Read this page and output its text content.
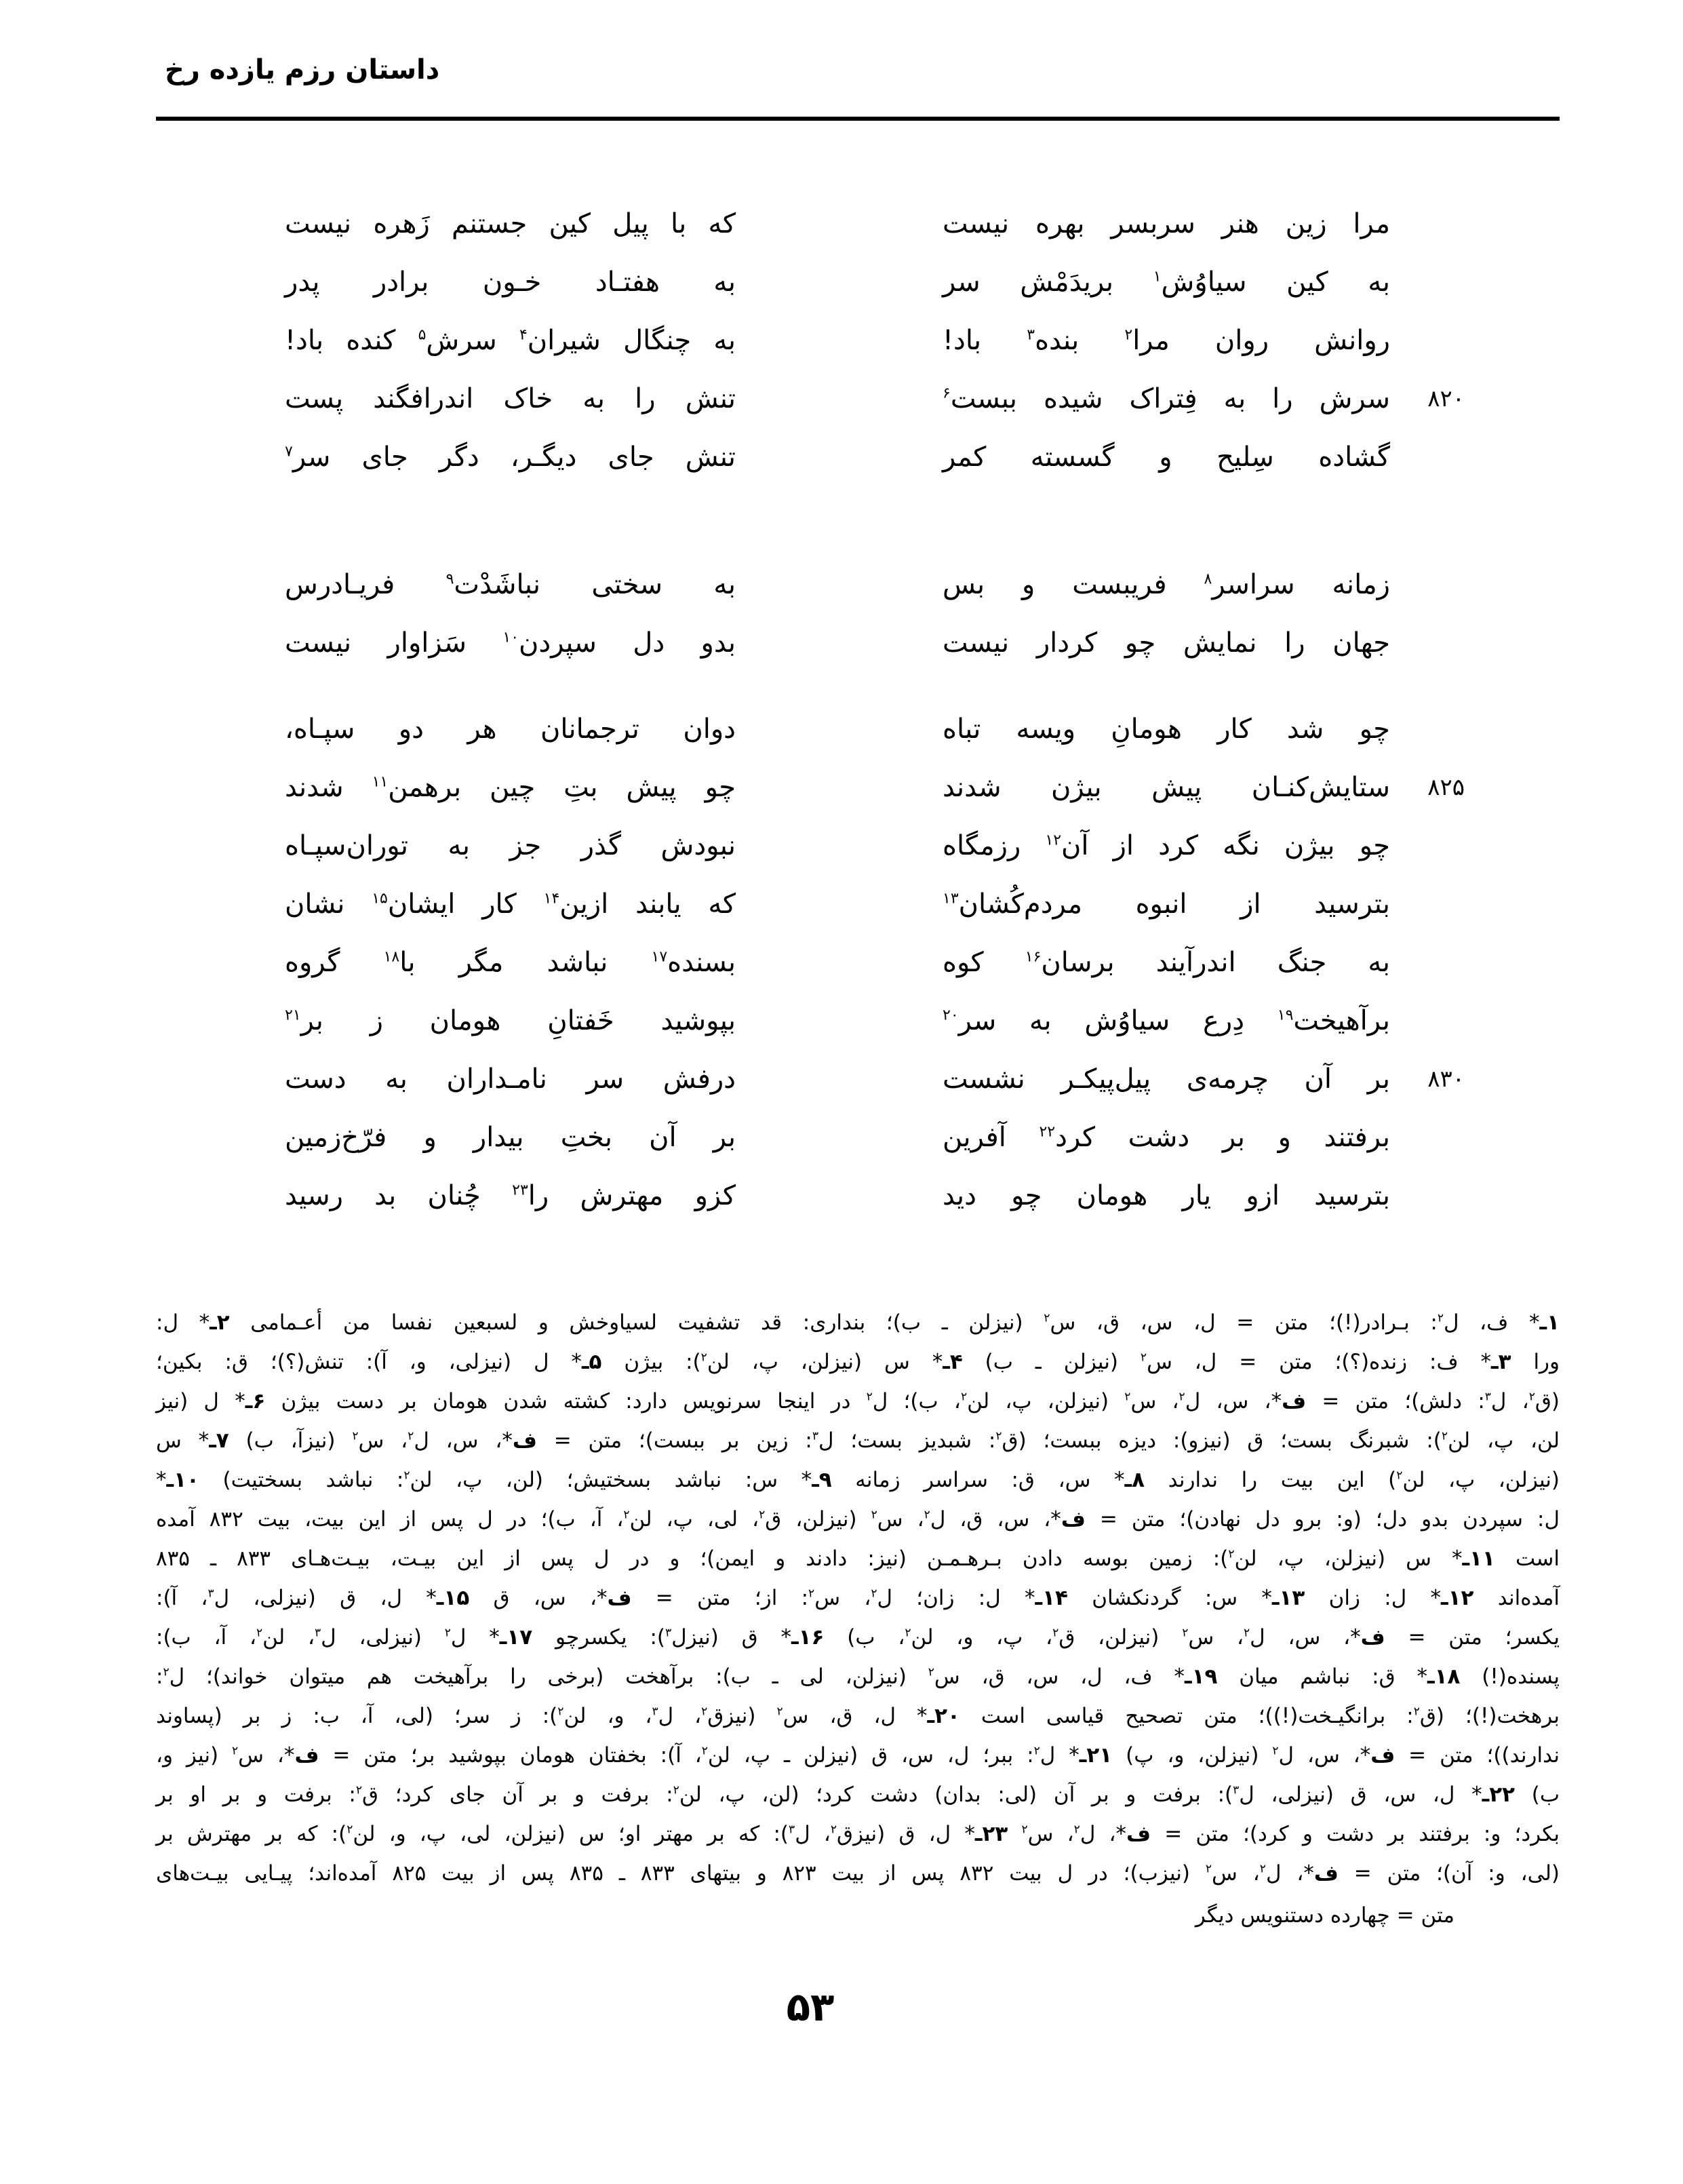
داستان رزم یازده رخ
مرا زین هنر سربسر بهره نیست
به کین سیاوُش$^۱$ بریدَمْش سر
روانش روان مرا$^۲$ بنده$^۳$ باد!
سرش را به فِتراک شیده ببست$^۶$
گشاده سِلیح و گسسته کمر
زمانه سراسر$^۸$ فریبست و بس
جهان را نمایش چو کردار نیست
چو شد کار هومانِ ویسه تباه
ستایش‌کنـان پیش بیژن شدند
چو بیژن نگه کرد از آن$^{۱۲}$ رزمگاه
بترسید از انبوه مردم‌کُشان$^{۱۳}$
به جنگ اندرآیند برسان$^{۱۶}$ کوه
برآهیخت$^{۱۹}$ دِرع سیاوُش به سر$^{۲۰}$
بر آن چرمه‌ی پیل‌پیکـر نشست
برفتند و بر دشت کرد$^{۲۲}$ آفرین
بترسید ازو یار هومان چو دید
که با پیل کین جستنم زَهره نیست
به هفتـاد خـون برادر پدر
به چنگال شیران$^۴$ سرش$^۵$ کنده باد!
تنش را به خاک اندرافگند پست
تنش جای دیگـر، دگر جای سر$^۷$
به سختی نباشَدْت$^۹$ فریـادرس
بدو دل سپردن$^{۱۰}$ سَزاوار نیست
دوان ترجمانان هر دو سپـاه،
چو پیش بتِ چین برهمن$^{۱۱}$ شدند
نبودش گذر جز به توران‌سپـاه
که یابند ازین$^{۱۴}$ کار ایشان$^{۱۵}$ نشان
بسنده$^{۱۷}$ نباشد مگر با$^{۱۸}$ گروه
بپوشید خَفتانِ هومان ز بر$^{۲۱}$
درفش سر نامـداران به دست
بر آن بختِ بیدار و فرّخ‌زمین
کزو مهترش را$^{۲۳}$ چُنان بد رسید
۸۲۰
۸۲۵
۸۳۰
۱ـ* ف، ل$^۲$: بـرادر(!)؛ متن = ل، س، ق، س$^۲$ (نیزلن ـ ب)؛ بنداری: قد تشفیت لسیاوخش و لسبعین نفسا من أعـمامی ۲ـ* ل:
ورا ۳ـ* ف: زنده(؟)؛ متن = ل، س$^۲$ (نیزلن ـ ب) ۴ـ* س (نیزلن، پ، لن$^۲$): بیژن ۵ـ* ل (نیزلی، و، آ): تنش(؟)؛ ق: بکین؛
(ق$^۲$، ل$^۳$: دلش)؛ متن = ف*، س، ل$^۲$، س$^۲$ (نیزلن، پ، لن$^۲$، ب)؛ ل$^۲$ در اینجا سرنویس دارد: کشته شدن هومان بر دست بیژن ۶ـ* ل (نیز
لن، پ، لن$^۲$): شبرنگ بست؛ ق (نیزو): دیزه ببست؛ (ق$^۲$: شبدیز بست؛ ل$^۳$: زین بر ببست)؛ متن = ف*، س، ل$^۲$، س$^۲$ (نیزآ، ب) ۷ـ* س
(نیزلن، پ، لن$^۲$) این بیت را ندارند ۸ـ* س، ق: سراسر زمانه ۹ـ* س: نباشد بسختیش؛ (لن، پ، لن$^۲$: نباشد بسختیت) ۱۰ـ*
ل: سپردن بدو دل؛ (و: برو دل نهادن)؛ متن = ف*، س، ق، ل$^۲$، س$^۲$ (نیزلن، ق$^۲$، لی، پ، لن$^۲$، آ، ب)؛ در ل پس از این بیت، بیت ۸۳۲ آمده
است ۱۱ـ* س (نیزلن، پ، لن$^۲$): زمین بوسه دادن بـرهـمـن (نیز: دادند و ایمن)؛ و در ل پس از این بیـت، بیـت‌هـای ۸۳۳ ـ ۸۳۵
آمده‌اند ۱۲ـ* ل: زان ۱۳ـ* س: گردنکشان ۱۴ـ* ل: زان؛ ل$^۲$، س$^۲$: از؛ متن = ف*، س، ق ۱۵ـ* ل، ق (نیزلی، ل$^۳$، آ):
یکسر؛ متن = ف*، س، ل$^۲$، س$^۲$ (نیزلن، ق$^۲$، پ، و، لن$^۲$، ب) ۱۶ـ* ق (نیزل$^۳$): یکسرچو ۱۷ـ* ل$^۲$ (نیزلی، ل$^۳$، لن$^۲$، آ، ب):
پسنده(!) ۱۸ـ* ق: نباشم میان ۱۹ـ* ف، ل، س، ق، س$^۲$ (نیزلن، لی ـ ب): برآهخت (برخی را برآهیخت هم میتوان خواند)؛ ل$^۲$:
برهخت(!)؛ (ق$^۲$: برانگیـخت(!))؛ متن تصحیح قیاسی است ۲۰ـ* ل، ق، س$^۲$ (نیزق$^۲$، ل$^۳$، و، لن$^۲$): ز سر؛ (لی، آ، ب: ز بر (پساوند
ندارند))؛ متن = ف*، س، ل$^۲$ (نیزلن، و، پ) ۲۱ـ* ل$^۲$: ببر؛ ل، س، ق (نیزلن ـ پ، لن$^۲$، آ): بخفتان هومان بپوشید بر؛ متن = ف*، س$^۲$ (نیز و،
ب) ۲۲ـ* ل، س، ق (نیزلی، ل$^۳$): برفت و بر آن (لی: بدان) دشت کرد؛ (لن، پ، لن$^۲$: برفت و بر آن جای کرد؛ ق$^۲$: برفت و بر او بر
بکرد؛ و: برفتند بر دشت و کرد)؛ متن = ف*، ل$^۲$، س$^۲$ ۲۳ـ* ل، ق (نیزق$^۲$، ل$^۳$): که بر مهتر او؛ س (نیزلن، لی، پ، و، لن$^۲$): که بر مهترش بر
(لی، و: آن)؛ متن = ف*، ل$^۲$، س$^۲$ (نیزب)؛ در ل بیت ۸۳۲ پس از بیت ۸۲۳ و بیتهای ۸۳۳ ـ ۸۳۵ پس از بیت ۸۲۵ آمده‌اند؛ پیـایی بیـت‌های
متن = چهارده دستنویس دیگر
۵۳
